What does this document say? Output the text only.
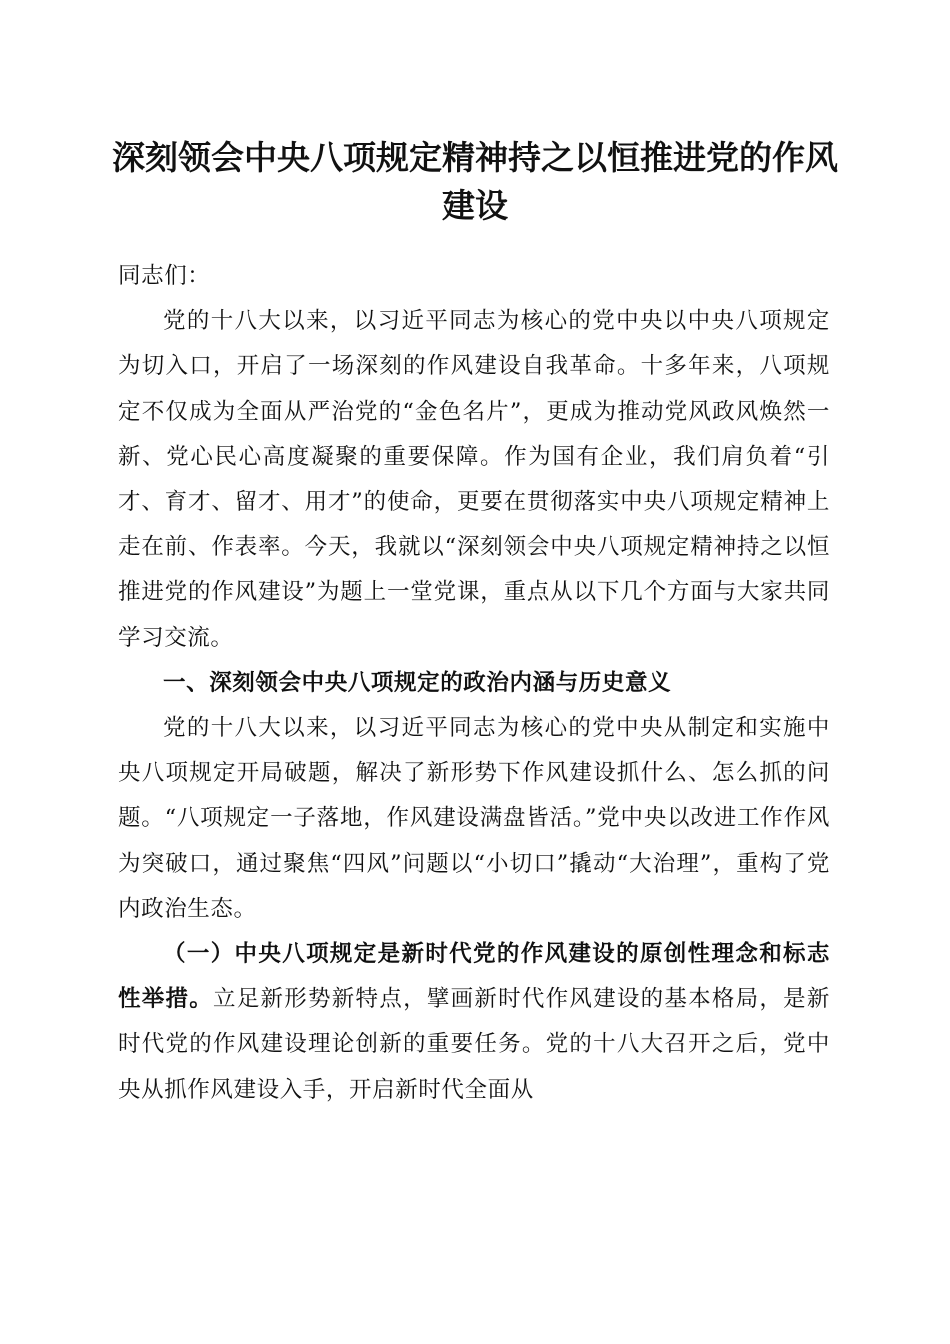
深刻领会中央八项规定精神持之以恒推进党的作风建设

同志们：

党的十八大以来，以习近平同志为核心的党中央以中央八项规定为切入口，开启了一场深刻的作风建设自我革命。十多年来，八项规定不仅成为全面从严治党的“金色名片”，更成为推动党风政风焕然一新、党心民心高度凝聚的重要保障。作为国有企业，我们肩负着“引才、育才、留才、用才”的使命，更要在贯彻落实中央八项规定精神上走在前、作表率。今天，我就以“深刻领会中央八项规定精神持之以恒推进党的作风建设”为题上一堂党课，重点从以下几个方面与大家共同学习交流。

一、深刻领会中央八项规定的政治内涵与历史意义

党的十八大以来，以习近平同志为核心的党中央从制定和实施中央八项规定开局破题，解决了新形势下作风建设抓什么、怎么抓的问题。“八项规定一子落地，作风建设满盘皆活。”党中央以改进工作作风为突破口，通过聚焦“四风”问题以“小切口”撬动“大治理”，重构了党内政治生态。

（一）中央八项规定是新时代党的作风建设的原创性理念和标志性举措。立足新形势新特点，擘画新时代作风建设的基本格局，是新时代党的作风建设理论创新的重要任务。党的十八大召开之后，党中央从抓作风建设入手，开启新时代全面从
